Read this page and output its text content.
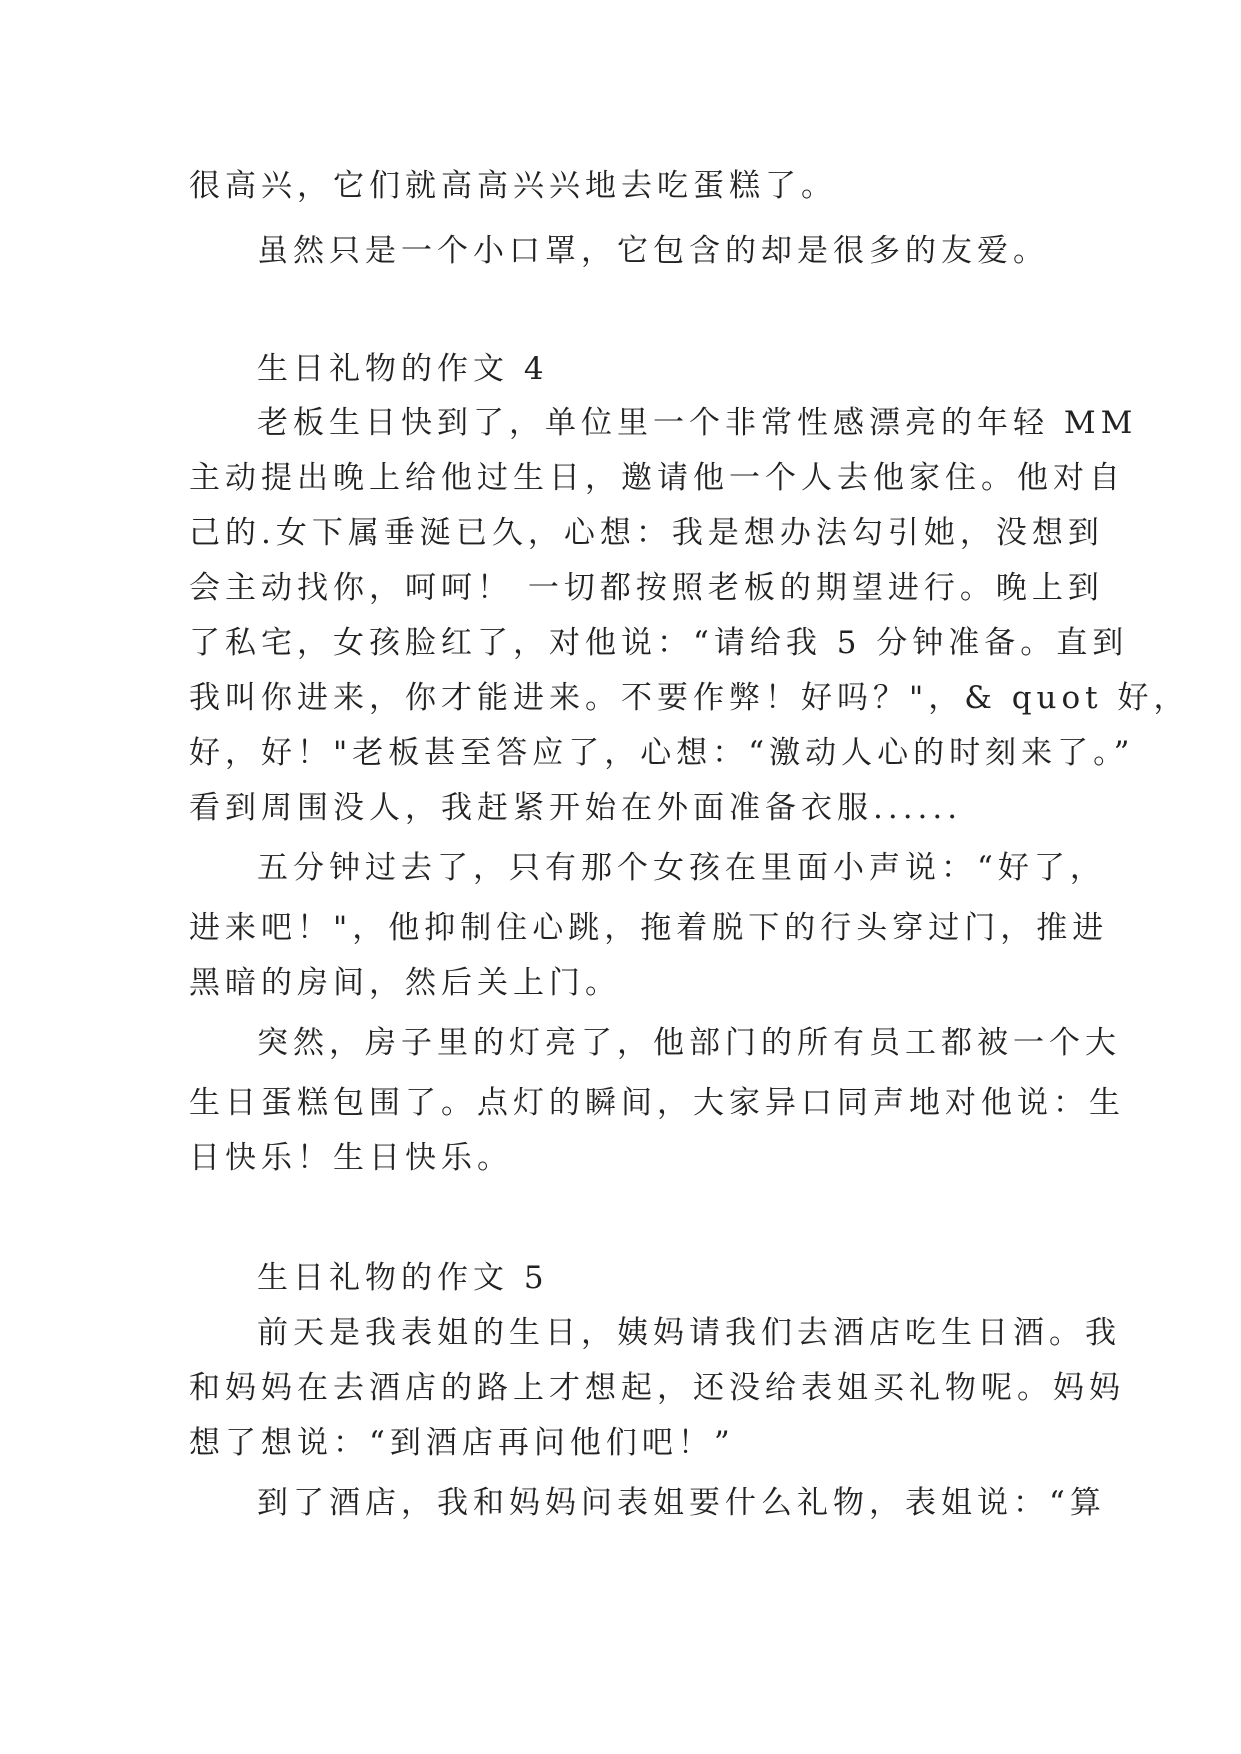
很高兴，它们就高高兴兴地去吃蛋糕了。
虽然只是一个小口罩，它包含的却是很多的友爱。
生日礼物的作文 4
老板生日快到了，单位里一个非常性感漂亮的年轻 MM
主动提出晚上给他过生日，邀请他一个人去他家住。他对自
己的.女下属垂涎已久，心想：我是想办法勾引她，没想到
会主动找你，呵呵！ 一切都按照老板的期望进行。晚上到
了私宅，女孩脸红了，对他说：“请给我 5 分钟准备。直到
我叫你进来，你才能进来。不要作弊！好吗？"，& quot 好，
好，好！"老板甚至答应了，心想：“激动人心的时刻来了。”
看到周围没人，我赶紧开始在外面准备衣服......
五分钟过去了，只有那个女孩在里面小声说：“好了，
进来吧！"，他抑制住心跳，拖着脱下的行头穿过门，推进
黑暗的房间，然后关上门。
突然，房子里的灯亮了，他部门的所有员工都被一个大
生日蛋糕包围了。点灯的瞬间，大家异口同声地对他说：生
日快乐！生日快乐。
生日礼物的作文 5
前天是我表姐的生日，姨妈请我们去酒店吃生日酒。我
和妈妈在去酒店的路上才想起，还没给表姐买礼物呢。妈妈
想了想说：“到酒店再问他们吧！”
到了酒店，我和妈妈问表姐要什么礼物，表姐说：“算
